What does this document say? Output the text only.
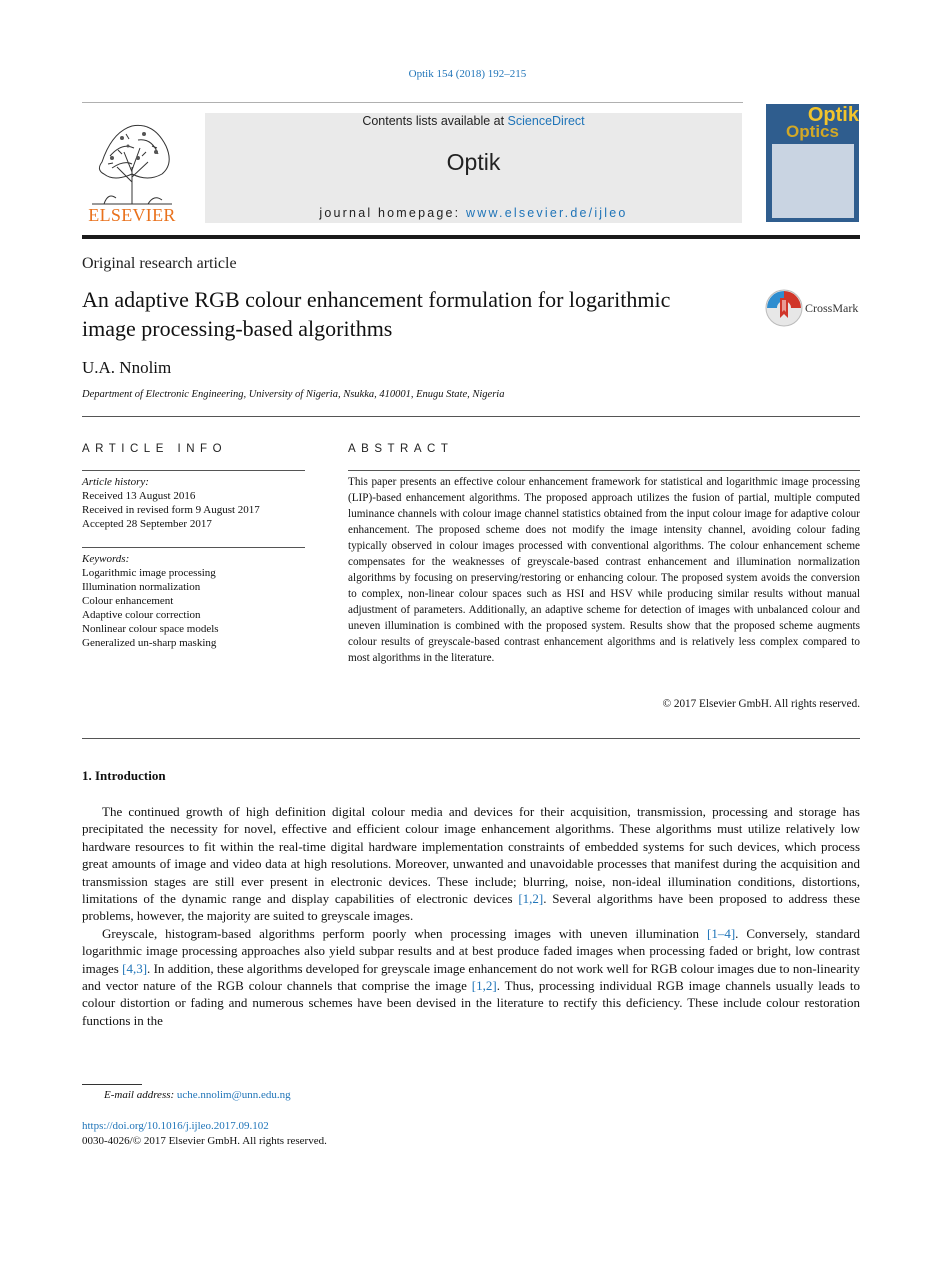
Optik 154 (2018) 192–215
ELSEVIER
Contents lists available at ScienceDirect
Optik
journal homepage: www.elsevier.de/ijleo
Optik
Optics
Original research article
An adaptive RGB colour enhancement formulation for logarithmic image processing-based algorithms
CrossMark
U.A. Nnolim
Department of Electronic Engineering, University of Nigeria, Nsukka, 410001, Enugu State, Nigeria
ARTICLE INFO	ABSTRACT
Article history:
Received 13 August 2016
Received in revised form 9 August 2017
Accepted 28 September 2017
Keywords:
Logarithmic image processing
Illumination normalization
Colour enhancement
Adaptive colour correction
Nonlinear colour space models
Generalized un-sharp masking

This paper presents an effective colour enhancement framework for statistical and logarithmic image processing (LIP)-based enhancement algorithms. The proposed approach utilizes the fusion of partial, multiple computed luminance channels with colour image channel statistics obtained from the input colour image for adaptive colour enhancement. The proposed scheme does not modify the image intensity channel, avoiding colour fading typically observed in colour images processed with conventional algorithms. The colour enhancement scheme compensates for the weaknesses of greyscale-based contrast enhancement and illumination normalization algorithms by focusing on preserving/restoring or enhancing colour. The proposed system avoids the conversion to complex, non-linear colour spaces such as HSI and HSV while producing similar results without manual adjustment of parameters. Additionally, an adaptive scheme for detection of images with unbalanced colour and uneven illumination is combined with the proposed system. Results show that the proposed scheme augments colour results of greyscale-based contrast enhancement algorithms and is relatively less complex compared to most algorithms in the literature.

© 2017 Elsevier GmbH. All rights reserved.
1. Introduction

The continued growth of high definition digital colour media and devices for their acquisition, transmission, processing and storage has precipitated the necessity for novel, effective and efficient colour image enhancement algorithms. These algorithms must utilize relatively low hardware resources to fit within the real-time digital hardware implementation constraints of embedded systems for such devices, which process great amounts of image and video data at high resolutions. Moreover, unwanted and unavoidable processes that manifest during the acquisition and transmission stages are still ever present in electronic devices. These include; blurring, noise, non-ideal illumination conditions, distortions, limitations of the dynamic range and display capabilities of electronic devices [1,2]. Several algorithms have been proposed to address these problems, however, the majority are suited to greyscale images.

Greyscale, histogram-based algorithms perform poorly when processing images with uneven illumination [1–4]. Conversely, standard logarithmic image processing approaches also yield subpar results and at best produce faded images when processing faded or bright, low contrast images [4,3]. In addition, these algorithms developed for greyscale image enhancement do not work well for RGB colour images due to non-linearity and vector nature of the RGB colour channels that comprise the image [1,2]. Thus, processing individual RGB image channels usually leads to colour distortion or fading and numerous schemes have been devised in the literature to rectify this deficiency. These include colour restoration functions in the

E-mail address: uche.nnolim@unn.edu.ng
https://doi.org/10.1016/j.ijleo.2017.09.102
0030-4026/© 2017 Elsevier GmbH. All rights reserved.
